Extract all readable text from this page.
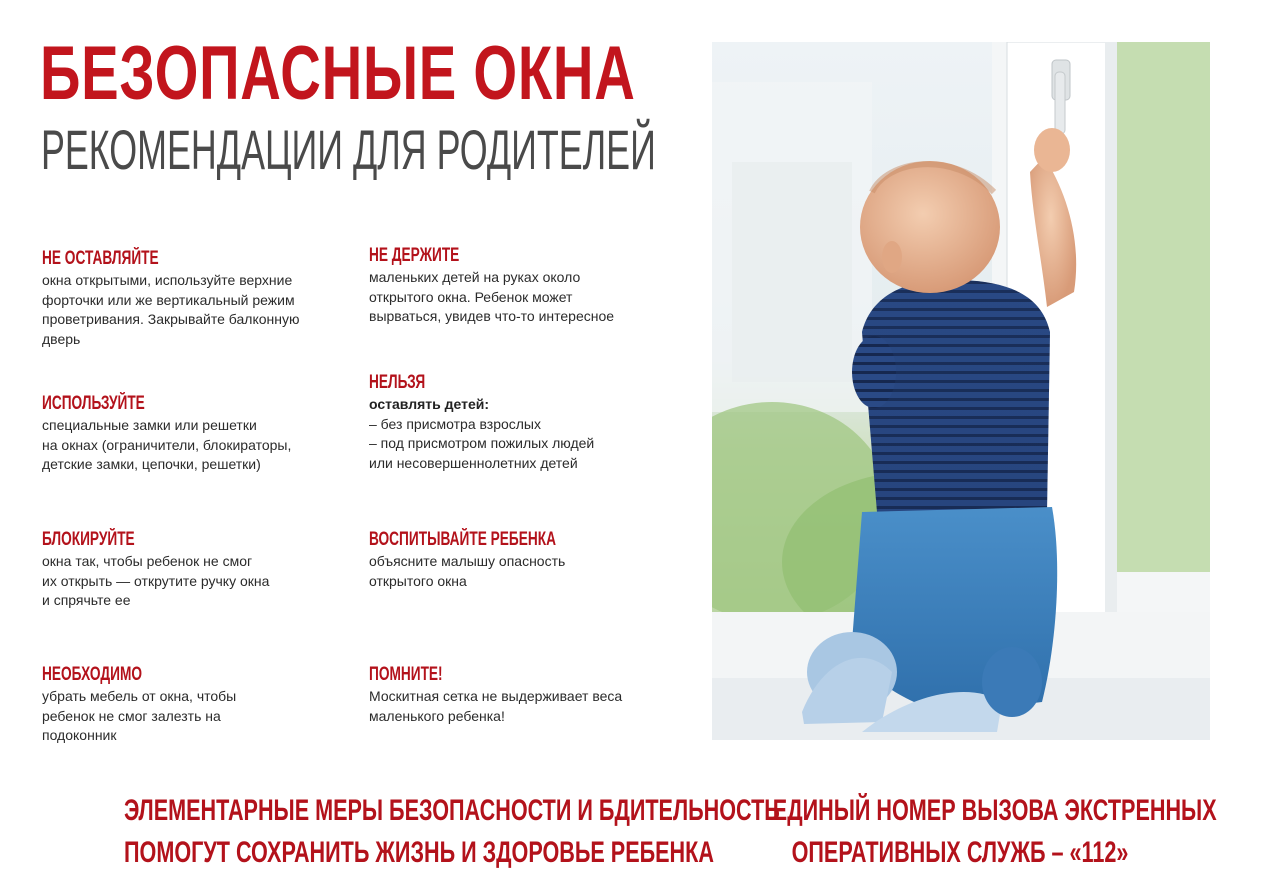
БЕЗОПАСНЫЕ ОКНА
РЕКОМЕНДАЦИИ ДЛЯ РОДИТЕЛЕЙ
НЕ ОСТАВЛЯЙТЕ
окна открытыми, используйте верхние
форточки или же вертикальный режим
проветривания. Закрывайте балконную
дверь
НЕ ДЕРЖИТЕ
маленьких детей на руках около
открытого окна. Ребенок может
вырваться, увидев что-то интересное
ИСПОЛЬЗУЙТЕ
специальные замки или решетки
на окнах (ограничители, блокираторы,
детские замки, цепочки, решетки)
НЕЛЬЗЯ
оставлять детей:
– без присмотра взрослых
– под присмотром пожилых людей
или несовершеннолетних детей
БЛОКИРУЙТЕ
окна так, чтобы ребенок не смог
их открыть — открутите ручку окна
и спрячьте ее
ВОСПИТЫВАЙТЕ РЕБЕНКА
объясните малышу опасность
открытого окна
НЕОБХОДИМО
убрать мебель от окна, чтобы
ребенок не смог залезть на
подоконник
ПОМНИТЕ!
Москитная сетка не выдерживает веса
маленького ребенка!
ЭЛЕМЕНТАРНЫЕ МЕРЫ БЕЗОПАСНОСТИ И БДИТЕЛЬНОСТЬ
ПОМОГУТ СОХРАНИТЬ ЖИЗНЬ И ЗДОРОВЬЕ РЕБЕНКА
ЕДИНЫЙ НОМЕР ВЫЗОВА ЭКСТРЕННЫХ
ОПЕРАТИВНЫХ СЛУЖБ – «112»
